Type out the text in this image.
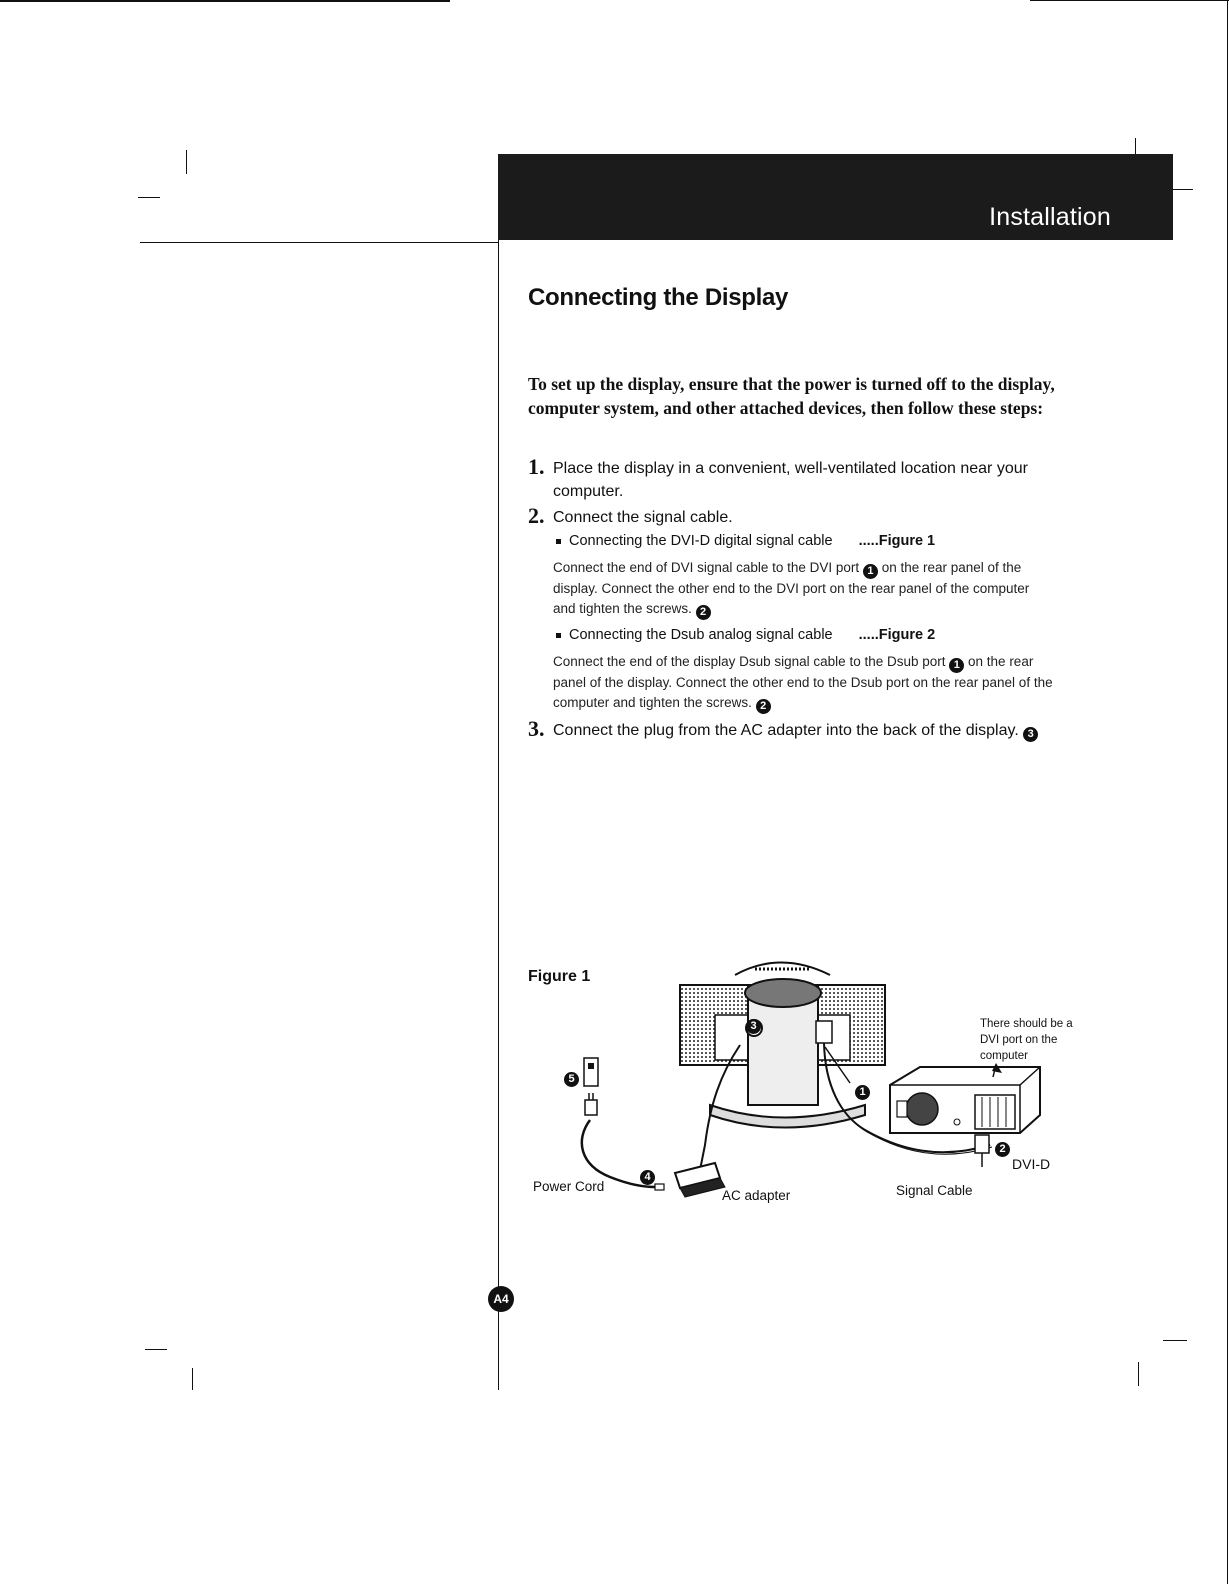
Installation
Connecting the Display
To set up the display, ensure that the power is turned off to the display, computer system, and other attached devices, then follow these steps:
1. Place the display in a convenient, well-ventilated location near your computer.
2. Connect the signal cable.
Connecting the DVI-D digital signal cable .....Figure 1
Connect the end of DVI signal cable to the DVI port 1 on the rear panel of the display. Connect the other end to the DVI port on the rear panel of the computer and tighten the screws. 2
Connecting the Dsub analog signal cable .....Figure 2
Connect the end of the display Dsub signal cable to the Dsub port 1 on the rear panel of the display. Connect the other end to the Dsub port on the rear panel of the computer and tighten the screws. 2
3. Connect the plug from the AC adapter into the back of the display. 3
Figure 1
3
1
2
4
5
There should be a DVI port on the computer
Power Cord
AC adapter	Signal Cable
DVI-D
A4
